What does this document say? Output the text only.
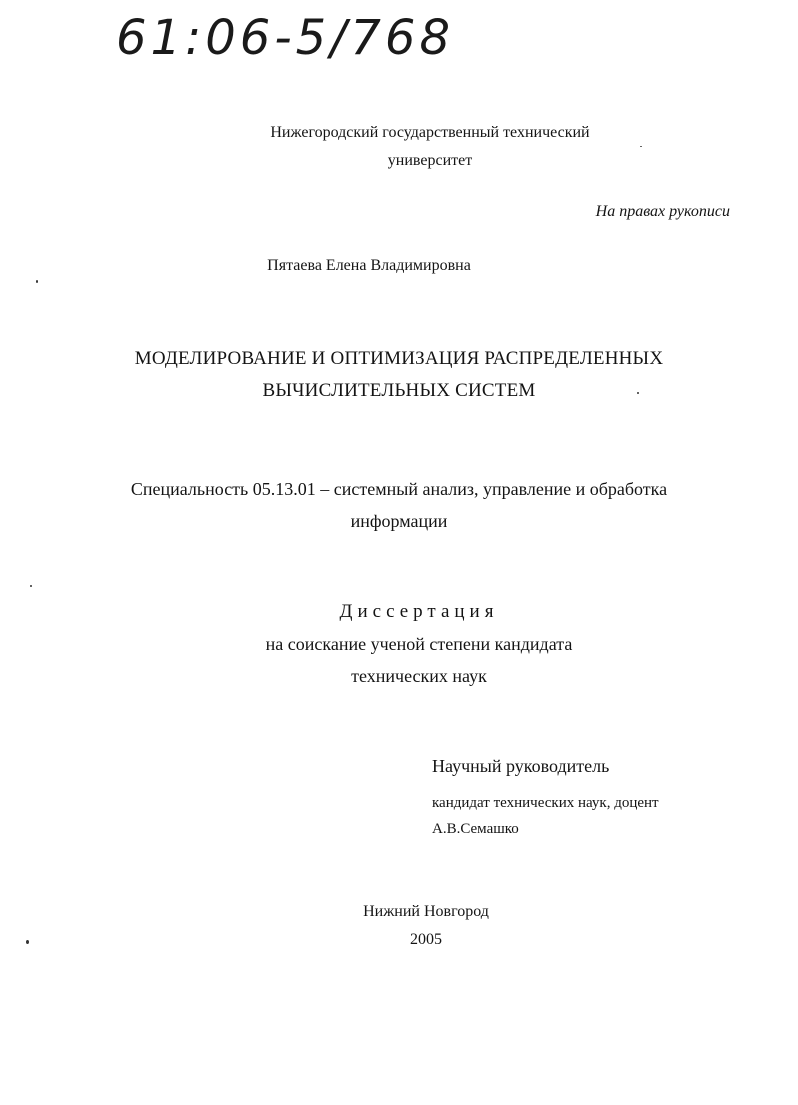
61:06-5/768
Нижегородский государственный технический
университет
На правах рукописи
Пятаева Елена Владимировна
МОДЕЛИРОВАНИЕ И ОПТИМИЗАЦИЯ РАСПРЕДЕЛЕННЫХ
ВЫЧИСЛИТЕЛЬНЫХ СИСТЕМ
Специальность 05.13.01 – системный анализ, управление и обработка
информации
Диссертация
на соискание ученой степени кандидата
технических наук
Научный руководитель
кандидат технических наук, доцент
А.В.Семашко
Нижний Новгород
2005
